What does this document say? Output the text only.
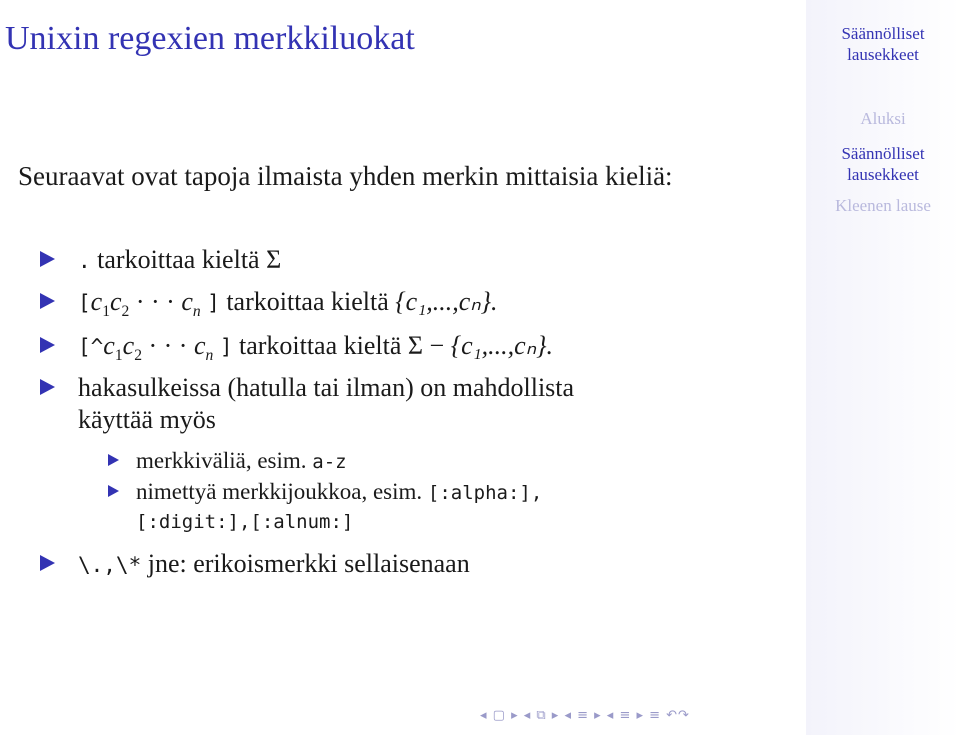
Unixin regexien merkkiluokat
Seuraavat ovat tapoja ilmaista yhden merkin mittaisia kieliä:
. tarkoittaa kieltä Σ
[$c_1c_2$ · · · $c_n$ ] tarkoittaa kieltä {c₁,...,cₙ}.
[$\^{}c_1c_2$ · · · $c_n$ ] tarkoittaa kieltä Σ − {c₁,...,cₙ}.
hakasulkeissa (hatulla tai ilman) on mahdollista
käyttää myös
merkkiväliä, esim. a-z
nimettyä merkkijoukkoa, esim. [:alpha:],
[:digit:],[:alnum:]
\.,\* jne: erikoismerkki sellaisenaan
◂ ▢ ▸ ◂ ⧉ ▸ ◂ ≡ ▸ ◂ ≡ ▸ ≡ ↶↷
Säännölliset lausekkeet
Aluksi
Säännölliset lausekkeet
Kleenen lause
